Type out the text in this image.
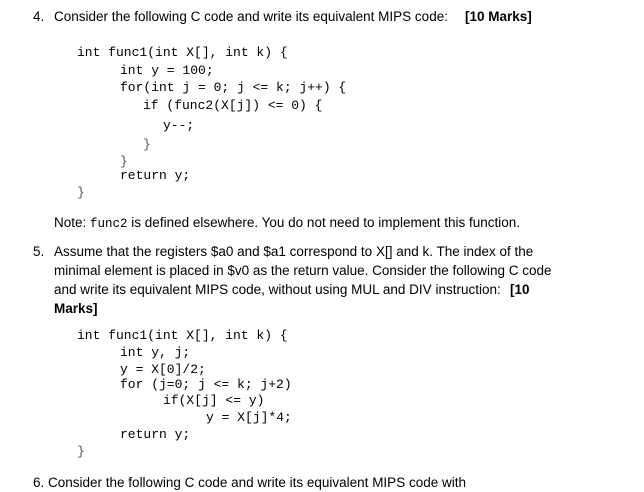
4. Consider the following C code and write its equivalent MIPS code: [10 Marks]
int func1(int X[], int k) {
int y = 100;
for(int j = 0; j <= k; j++) {
if (func2(X[j]) <= 0) {
y--;
}
}
return y;
}
Note: func2 is defined elsewhere. You do not need to implement this function.
5. Assume that the registers $a0 and $a1 correspond to X[] and k. The index of the
minimal element is placed in $v0 as the return value. Consider the following C code
and write its equivalent MIPS code, without using MUL and DIV instruction: [10
Marks]
int func1(int X[], int k) {
int y, j;
y = X[0]/2;
for (j=0; j <= k; j+2)
if(X[j] <= y)
y = X[j]*4;
return y;
}
6. Consider the following C code and write its equivalent MIPS code with
